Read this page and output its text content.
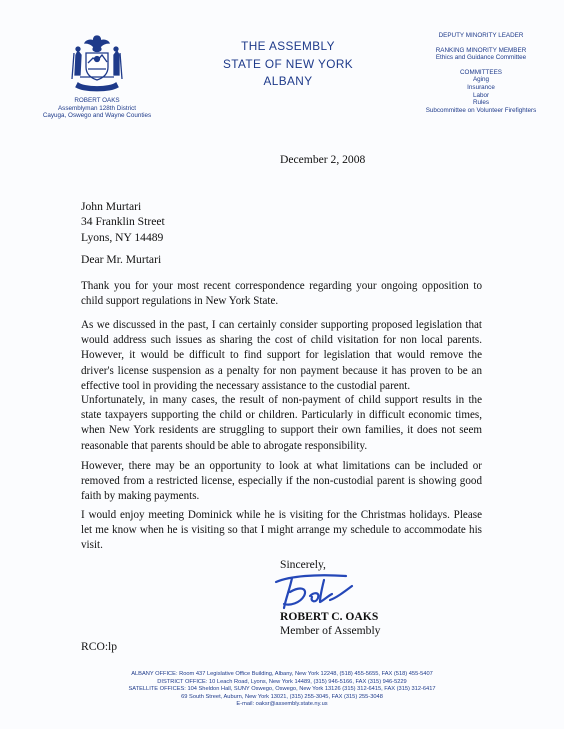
ROBERT OAKS
Assemblyman 128th District
Cayuga, Oswego and Wayne Counties
THE ASSEMBLY
STATE OF NEW YORK
ALBANY
DEPUTY MINORITY LEADER
RANKING MINORITY MEMBER
Ethics and Guidance Committee
COMMITTEES
Aging
Insurance
Labor
Rules
Subcommittee on Volunteer Firefighters
December 2, 2008
John Murtari
34 Franklin Street
Lyons, NY 14489
Dear Mr. Murtari
Thank you for your most recent correspondence regarding your ongoing opposition to child support regulations in New York State.
As we discussed in the past, I can certainly consider supporting proposed legislation that would address such issues as sharing the cost of child visitation for non local parents. However, it would be difficult to find support for legislation that would remove the driver's license suspension as a penalty for non payment because it has proven to be an effective tool in providing the necessary assistance to the custodial parent.
Unfortunately, in many cases, the result of non-payment of child support results in the state taxpayers supporting the child or children. Particularly in difficult economic times, when New York residents are struggling to support their own families, it does not seem reasonable that parents should be able to abrogate responsibility.
However, there may be an opportunity to look at what limitations can be included or removed from a restricted license, especially if the non-custodial parent is showing good faith by making payments.
I would enjoy meeting Dominick while he is visiting for the Christmas holidays. Please let me know when he is visiting so that I might arrange my schedule to accommodate his visit.
Sincerely,
ROBERT C. OAKS
Member of Assembly
RCO:lp
ALBANY OFFICE: Room 437 Legislative Office Building, Albany, New York 12248, (518) 455-5655, FAX (518) 455-5407
DISTRICT OFFICE: 10 Leach Road, Lyons, New York 14489, (315) 946-5166, FAX (315) 946-5229
SATELLITE OFFICES: 104 Sheldon Hall, SUNY Oswego, Oswego, New York 13126 (315) 312-6415, FAX (315) 312-6417
69 South Street, Auburn, New York 13021, (315) 255-3045, FAX (315) 255-3048
E-mail: oaksr@assembly.state.ny.us
